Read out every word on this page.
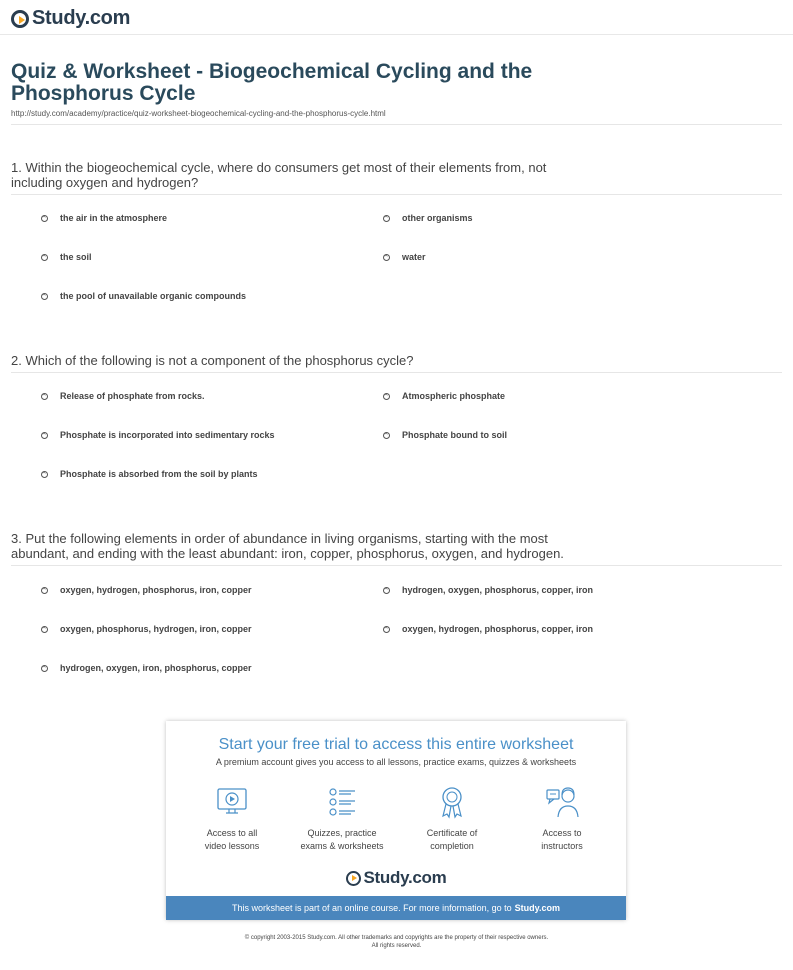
Study.com
Quiz & Worksheet - Biogeochemical Cycling and the
Phosphorus Cycle
http://study.com/academy/practice/quiz-worksheet-biogeochemical-cycling-and-the-phosphorus-cycle.html
1. Within the biogeochemical cycle, where do consumers get most of their elements from, not
including oxygen and hydrogen?
the air in the atmosphere	other organisms
the soil	water
the pool of unavailable organic compounds
2. Which of the following is not a component of the phosphorus cycle?
Release of phosphate from rocks.	Atmospheric phosphate
Phosphate is incorporated into sedimentary rocks	Phosphate bound to soil
Phosphate is absorbed from the soil by plants
3. Put the following elements in order of abundance in living organisms, starting with the most
abundant, and ending with the least abundant: iron, copper, phosphorus, oxygen, and hydrogen.
oxygen, hydrogen, phosphorus, iron, copper	hydrogen, oxygen, phosphorus, copper, iron
oxygen, phosphorus, hydrogen, iron, copper	oxygen, hydrogen, phosphorus, copper, iron
hydrogen, oxygen, iron, phosphorus, copper
Start your free trial to access this entire worksheet
A premium account gives you access to all lessons, practice exams, quizzes & worksheets
Access to all
video lessons
Quizzes, practice
exams & worksheets
Certificate of
completion
Access to
instructors
Study.com
This worksheet is part of an online course. For more information, go to Study.com
© copyright 2003-2015 Study.com. All other trademarks and copyrights are the property of their respective owners.
All rights reserved.
